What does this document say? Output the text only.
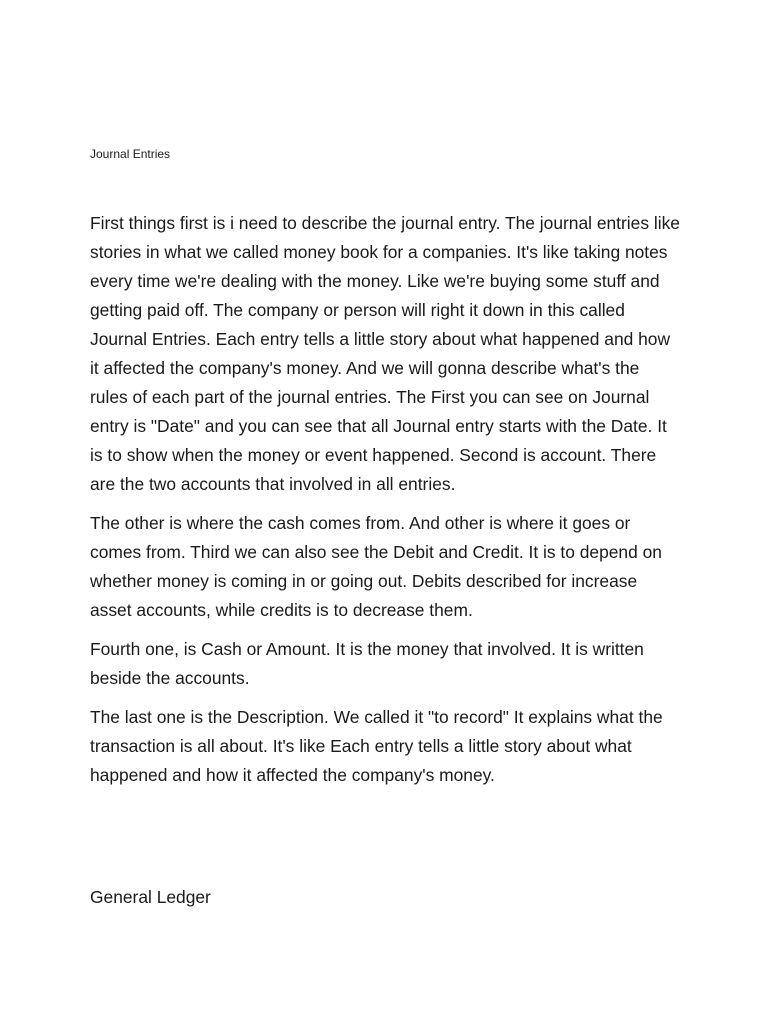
Journal Entries

First things first is i need to describe the journal entry. The journal entries like stories in what we called money book for a companies. It's like taking notes every time we're dealing with the money. Like we're buying some stuff and getting paid off. The company or person will right it down in this called Journal Entries. Each entry tells a little story about what happened and how it affected the company's money. And we will gonna describe what's the rules of each part of the journal entries. The First you can see on Journal entry is "Date" and you can see that all Journal entry starts with the Date. It is to show when the money or event happened. Second is account. There are the two accounts that involved in all entries.

The other is where the cash comes from. And other is where it goes or comes from. Third we can also see the Debit and Credit. It is to depend on whether money is coming in or going out. Debits described for increase asset accounts, while credits is to decrease them.

Fourth one, is Cash or Amount. It is the money that involved. It is written beside the accounts.

The last one is the Description. We called it "to record" It explains what the transaction is all about. It's like Each entry tells a little story about what happened and how it affected the company's money.

General Ledger
